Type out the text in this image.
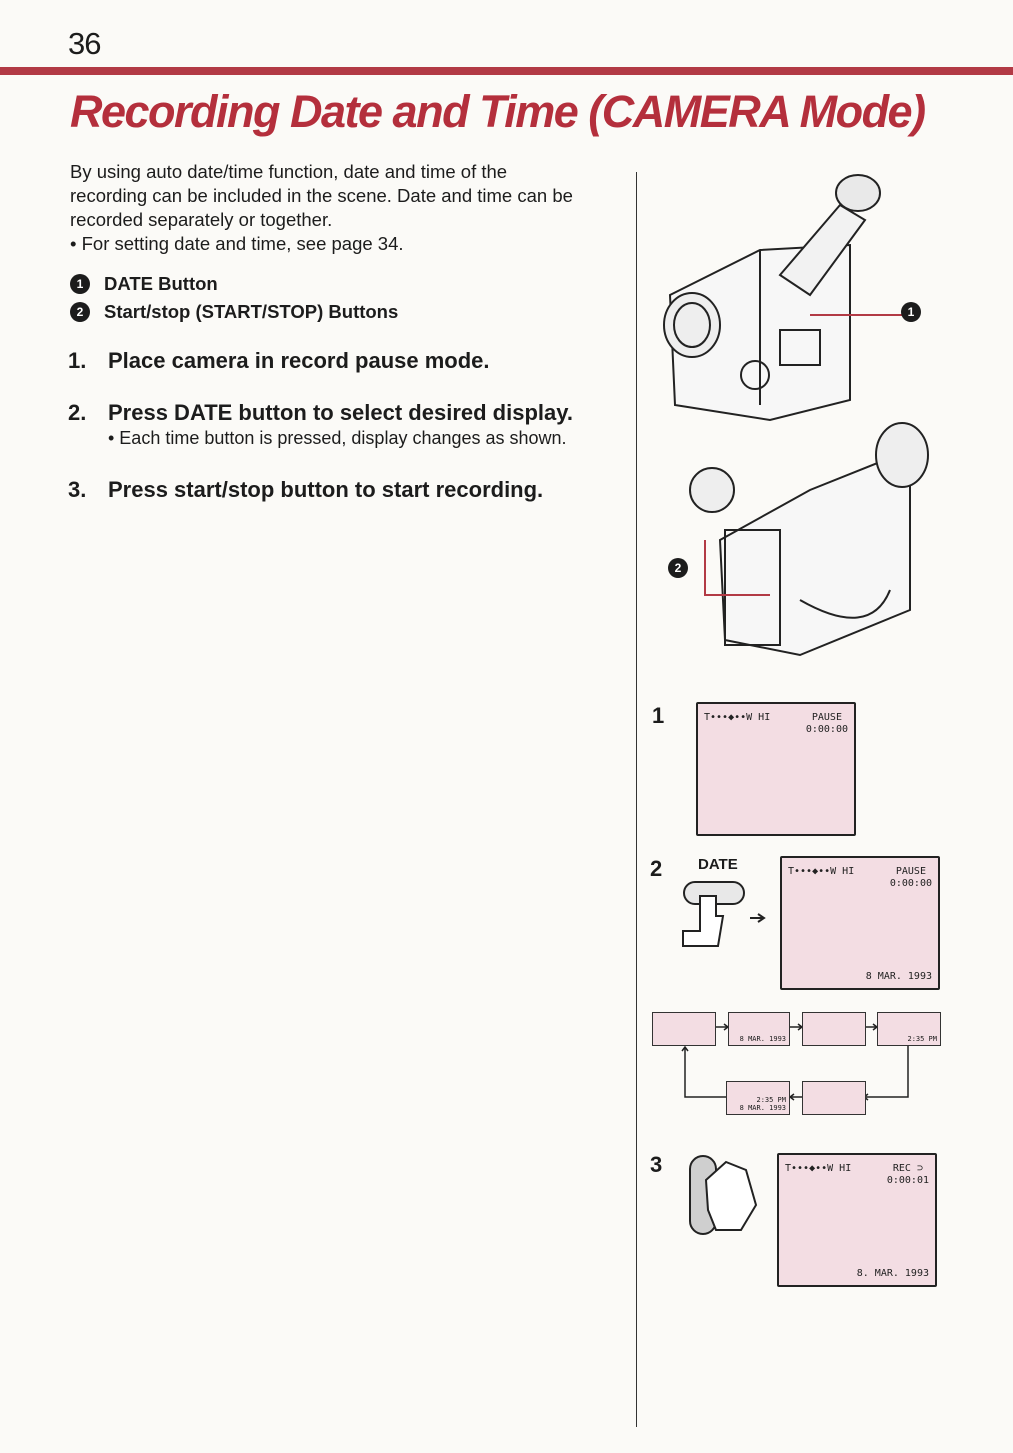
36
Recording Date and Time (CAMERA Mode)

By using auto date/time function, date and time of the

recording can be included in the scene. Date and time can be

recorded separately or together.

• For setting date and time, see page 34.

1	DATE Button
2	Start/stop (START/STOP) Buttons
1. Place camera in record pause mode.
2. Press DATE button to select desired display.
• Each time button is pressed, display changes as shown.
3. Press start/stop button to start recording.
1
2
1	T•••◆••W HI	PAUSE
0:00:00
2 DATE	T•••◆••W HI	PAUSE
0:00:00
8 MAR. 1993
8 MAR. 1993	2:35 PM
2:35 PM
8 MAR. 1993
3	T•••◆••W HI	REC ⊃
0:00:01
8. MAR. 1993
